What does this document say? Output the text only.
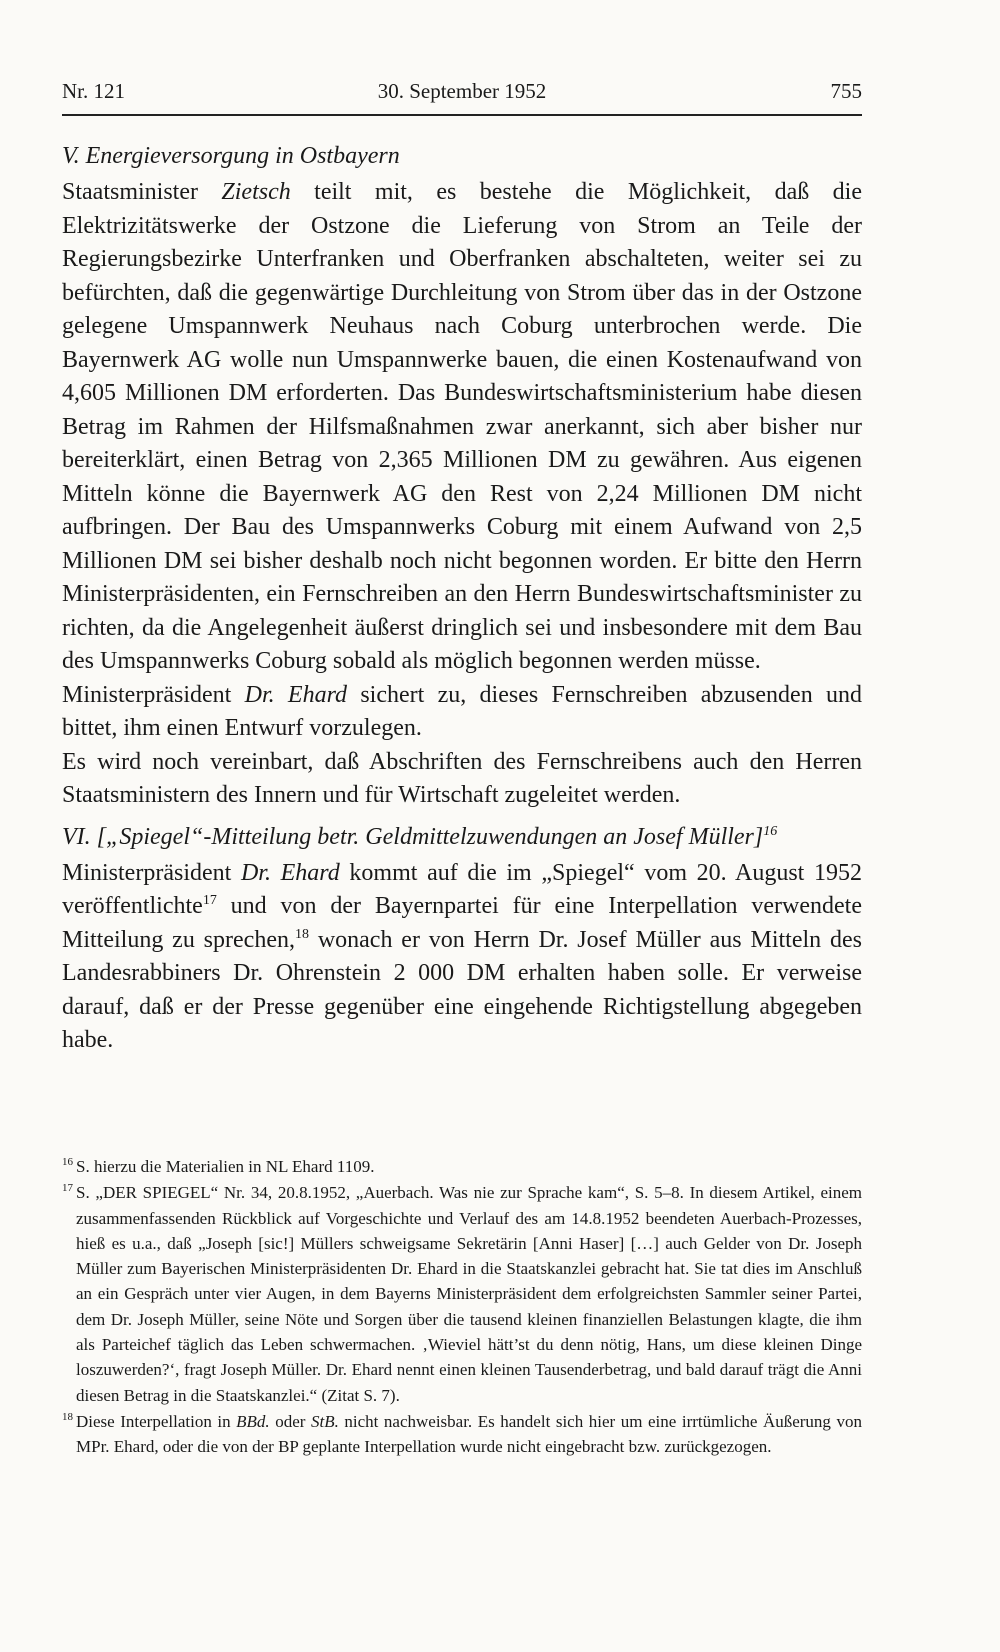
Nr. 121	30. September 1952	755

V. Energieversorgung in Ostbayern

Staatsminister Zietsch teilt mit, es bestehe die Möglichkeit, daß die Elektrizitätswerke der Ostzone die Lieferung von Strom an Teile der Regierungsbezirke Unterfranken und Oberfranken abschalteten, weiter sei zu befürchten, daß die gegenwärtige Durchleitung von Strom über das in der Ostzone gelegene Umspannwerk Neuhaus nach Coburg unterbrochen werde. Die Bayernwerk AG wolle nun Umspannwerke bauen, die einen Kostenaufwand von 4,605 Millionen DM erforderten. Das Bundeswirtschaftsministerium habe diesen Betrag im Rahmen der Hilfsmaßnahmen zwar anerkannt, sich aber bisher nur bereiterklärt, einen Betrag von 2,365 Millionen DM zu gewähren. Aus eigenen Mitteln könne die Bayernwerk AG den Rest von 2,24 Millionen DM nicht aufbringen. Der Bau des Umspannwerks Coburg mit einem Aufwand von 2,5 Millionen DM sei bisher deshalb noch nicht begonnen worden. Er bitte den Herrn Ministerpräsidenten, ein Fernschreiben an den Herrn Bundeswirtschaftsminister zu richten, da die Angelegenheit äußerst dringlich sei und insbesondere mit dem Bau des Umspannwerks Coburg sobald als möglich begonnen werden müsse.

Ministerpräsident Dr. Ehard sichert zu, dieses Fernschreiben abzusenden und bittet, ihm einen Entwurf vorzulegen.

Es wird noch vereinbart, daß Abschriften des Fernschreibens auch den Herren Staatsministern des Innern und für Wirtschaft zugeleitet werden.

VI. [„Spiegel“-Mitteilung betr. Geldmittelzuwendungen an Josef Müller]$^{16}$

Ministerpräsident Dr. Ehard kommt auf die im „Spiegel“ vom 20. August 1952 veröffentlichte$^{17}$ und von der Bayernpartei für eine Interpellation verwendete Mitteilung zu sprechen,$^{18}$ wonach er von Herrn Dr. Josef Müller aus Mitteln des Landesrabbiners Dr. Ohrenstein 2 000 DM erhalten haben solle. Er verweise darauf, daß er der Presse gegenüber eine eingehende Richtigstellung abgegeben habe.

16 S. hierzu die Materialien in NL Ehard 1109.

17 S. „DER SPIEGEL“ Nr. 34, 20.8.1952, „Auerbach. Was nie zur Sprache kam“, S. 5–8. In diesem Artikel, einem zusammenfassenden Rückblick auf Vorgeschichte und Verlauf des am 14.8.1952 beendeten Auerbach-Prozesses, hieß es u.a., daß „Joseph [sic!] Müllers schweigsame Sekretärin [Anni Haser] […] auch Gelder von Dr. Joseph Müller zum Bayerischen Ministerpräsidenten Dr. Ehard in die Staatskanzlei gebracht hat. Sie tat dies im Anschluß an ein Gespräch unter vier Augen, in dem Bayerns Ministerpräsident dem erfolgreichsten Sammler seiner Partei, dem Dr. Joseph Müller, seine Nöte und Sorgen über die tausend kleinen finanziellen Belastungen klagte, die ihm als Parteichef täglich das Leben schwermachen. ‚Wieviel hätt’st du denn nötig, Hans, um diese kleinen Dinge loszuwerden?‘, fragt Joseph Müller. Dr. Ehard nennt einen kleinen Tausenderbetrag, und bald darauf trägt die Anni diesen Betrag in die Staatskanzlei.“ (Zitat S. 7).

18 Diese Interpellation in BBd. oder StB. nicht nachweisbar. Es handelt sich hier um eine irrtümliche Äußerung von MPr. Ehard, oder die von der BP geplante Interpellation wurde nicht eingebracht bzw. zurückgezogen.
